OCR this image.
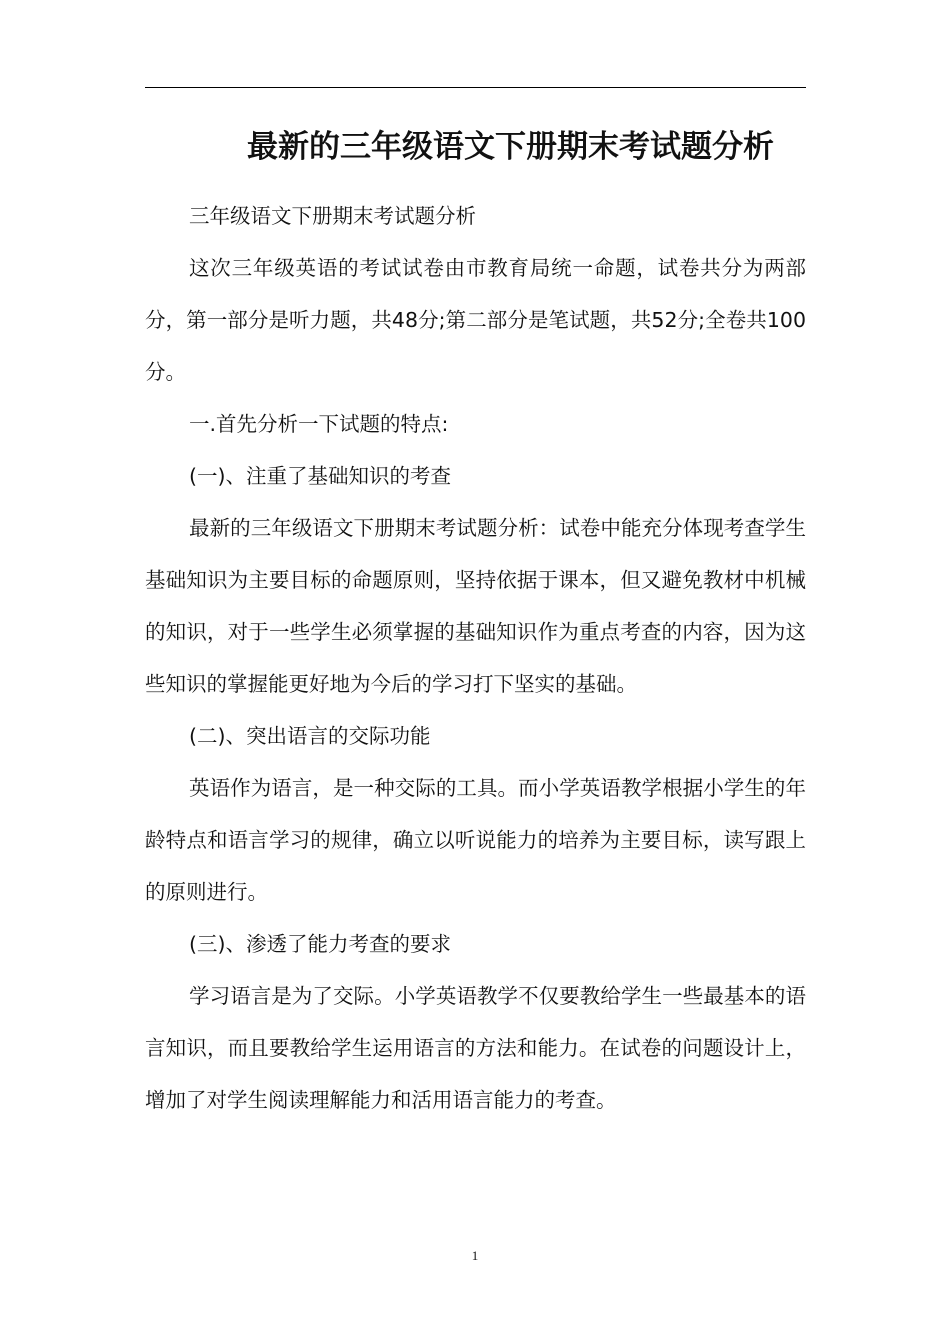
最新的三年级语文下册期末考试题分析

三年级语文下册期末考试题分析

这次三年级英语的考试试卷由市教育局统一命题，试卷共分为两部分，第一部分是听力题，共48分;第二部分是笔试题，共52分;全卷共100分。

一.首先分析一下试题的特点:

(一)、注重了基础知识的考查

最新的三年级语文下册期末考试题分析：试卷中能充分体现考查学生基础知识为主要目标的命题原则，坚持依据于课本，但又避免教材中机械的知识，对于一些学生必须掌握的基础知识作为重点考查的内容，因为这些知识的掌握能更好地为今后的学习打下坚实的基础。

(二)、突出语言的交际功能

英语作为语言，是一种交际的工具。而小学英语教学根据小学生的年龄特点和语言学习的规律，确立以听说能力的培养为主要目标，读写跟上的原则进行。

(三)、渗透了能力考查的要求

学习语言是为了交际。小学英语教学不仅要教给学生一些最基本的语言知识，而且要教给学生运用语言的方法和能力。在试卷的问题设计上，增加了对学生阅读理解能力和活用语言能力的考查。

1
